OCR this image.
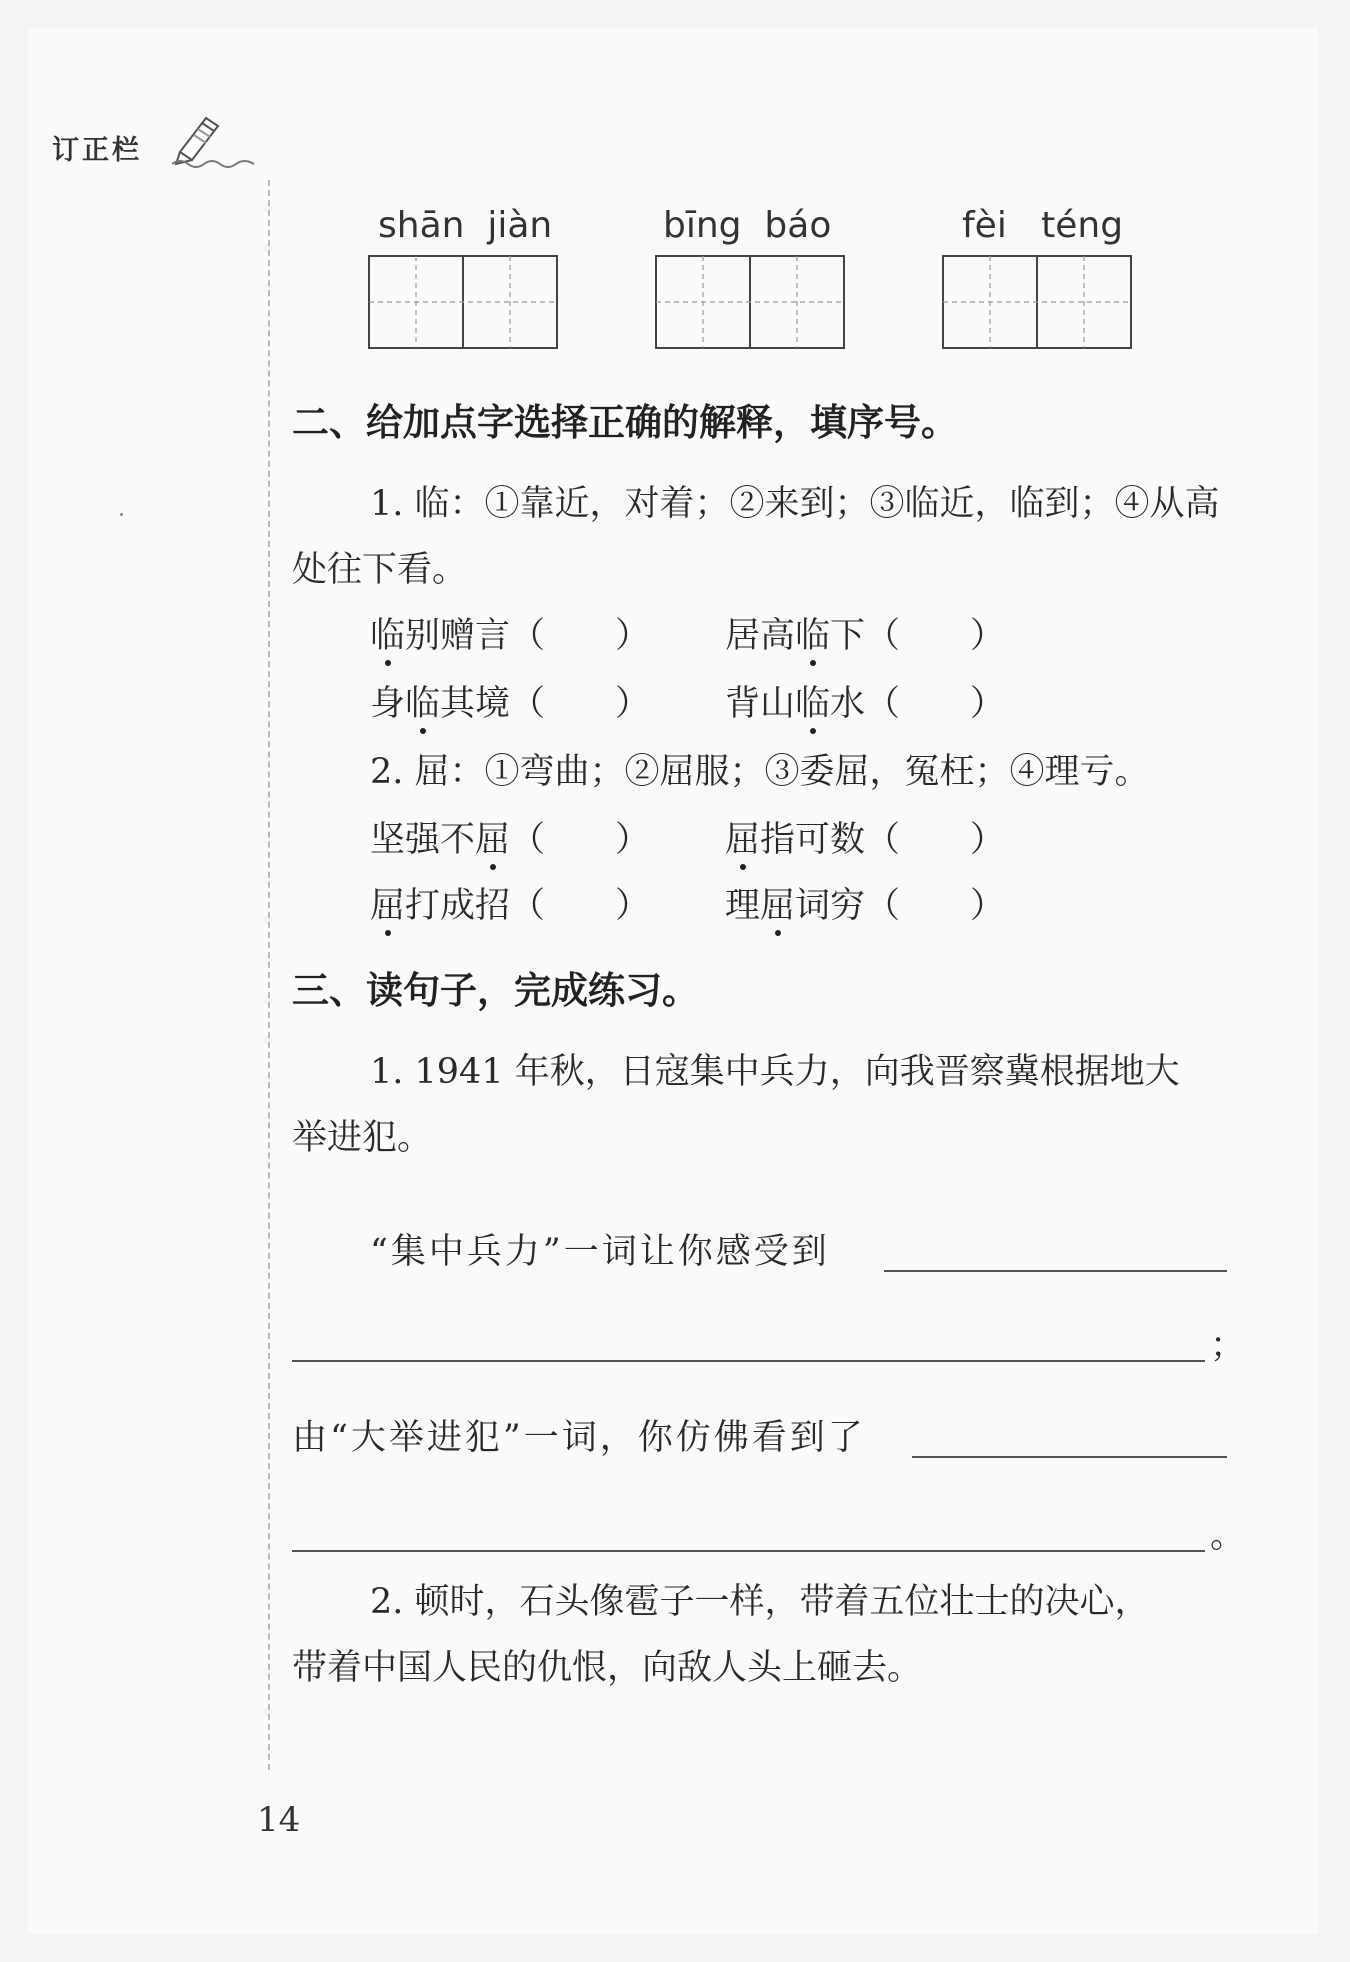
订正栏
shān  jiàn	bīng  báo	fèi   téng
二、给加点字选择正确的解释，填序号。
1. 临：①靠近，对着；②来到；③临近，临到；④从高
处往下看。
临别赠言（　　） 居高临下（　　）
身临其境（　　） 背山临水（　　）
2. 屈：①弯曲；②屈服；③委屈，冤枉；④理亏。
坚强不屈（　　） 屈指可数（　　）
屈打成招（　　） 理屈词穷（　　）
三、读句子，完成练习。
1. 1941 年秋，日寇集中兵力，向我晋察冀根据地大
举进犯。
“集中兵力”一词让你感受到
；
由“大举进犯”一词，你仿佛看到了
。
2. 顿时，石头像雹子一样，带着五位壮士的决心，
带着中国人民的仇恨，向敌人头上砸去。
14
